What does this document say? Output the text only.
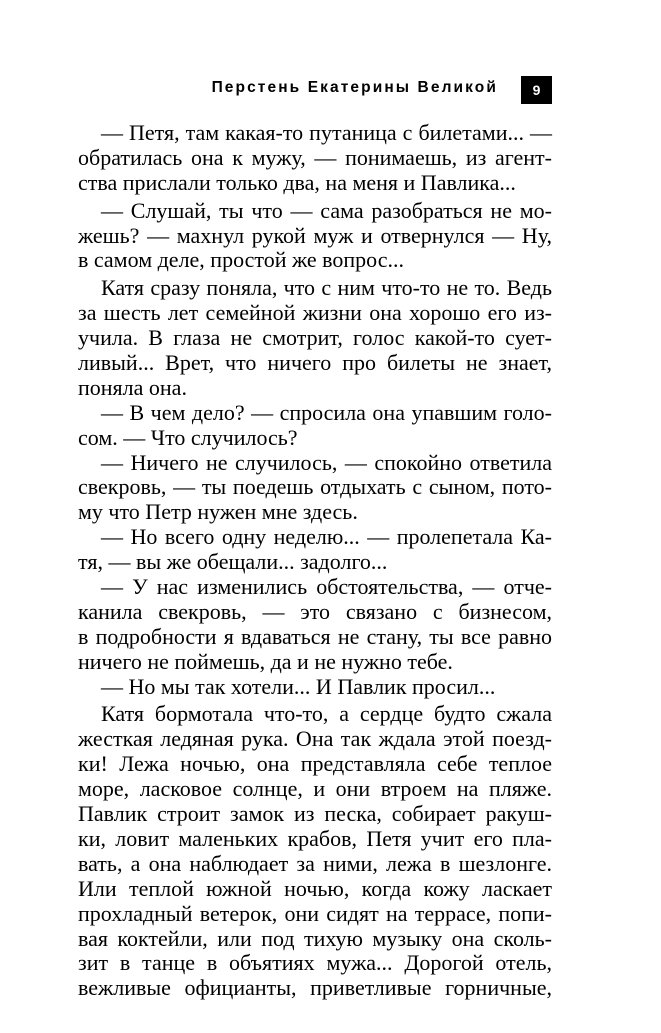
Перстень Екатерины Великой	9
— Петя, там какая-то путаница с билетами... —
обратилась она к мужу, — понимаешь, из агент-
ства прислали только два, на меня и Павлика...
— Слушай, ты что — сама разобраться не мо-
жешь? — махнул рукой муж и отвернулся — Ну,
в самом деле, простой же вопрос...
Катя сразу поняла, что с ним что-то не то. Ведь
за шесть лет семейной жизни она хорошо его из-
учила. В глаза не смотрит, голос какой-то сует-
ливый... Врет, что ничего про билеты не знает,
поняла она.
— В чем дело? — спросила она упавшим голо-
сом. — Что случилось?
— Ничего не случилось, — спокойно ответила
свекровь, — ты поедешь отдыхать с сыном, пото-
му что Петр нужен мне здесь.
— Но всего одну неделю... — пролепетала Ка-
тя, — вы же обещали... задолго...
— У нас изменились обстоятельства, — отче-
канила свекровь, — это связано с бизнесом,
в подробности я вдаваться не стану, ты все равно
ничего не поймешь, да и не нужно тебе.
— Но мы так хотели... И Павлик просил...
Катя бормотала что-то, а сердце будто сжала
жесткая ледяная рука. Она так ждала этой поезд-
ки! Лежа ночью, она представляла себе теплое
море, ласковое солнце, и они втроем на пляже.
Павлик строит замок из песка, собирает ракуш-
ки, ловит маленьких крабов, Петя учит его пла-
вать, а она наблюдает за ними, лежа в шезлонге.
Или теплой южной ночью, когда кожу ласкает
прохладный ветерок, они сидят на террасе, попи-
вая коктейли, или под тихую музыку она сколь-
зит в танце в объятиях мужа... Дорогой отель,
вежливые официанты, приветливые горничные,
